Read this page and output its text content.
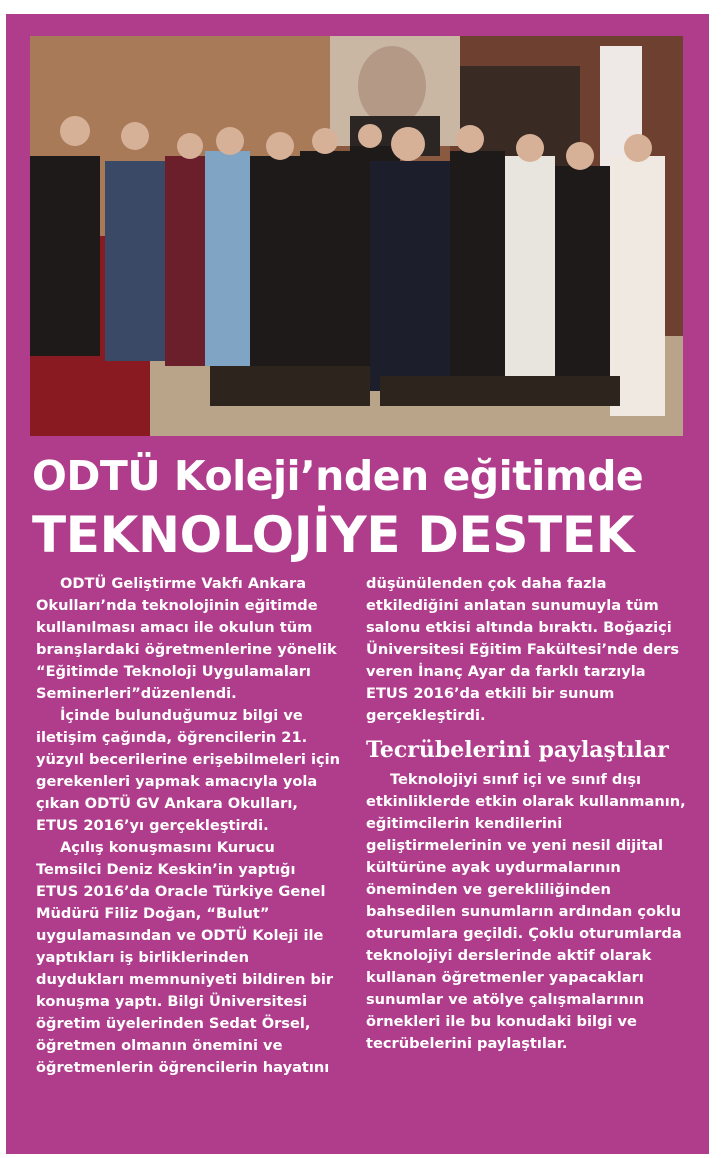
ODTÜ Koleji’nden eğitimde
TEKNOLOJİYE DESTEK

ODTÜ Geliştirme Vakfı Ankara Okulları’nda teknolojinin eğitimde kullanılması amacı ile okulun tüm branşlardaki öğretmenlerine yönelik “Eğitimde Teknoloji Uygulamaları Seminerleri”düzenlendi.

İçinde bulunduğumuz bilgi ve iletişim çağında, öğrencilerin 21. yüzyıl becerilerine erişebilmeleri için gerekenleri yapmak amacıyla yola çıkan ODTÜ GV Ankara Okulları, ETUS 2016’yı gerçekleştirdi.

Açılış konuşmasını Kurucu Temsilci Deniz Keskin’in yaptığı ETUS 2016’da Oracle Türkiye Genel Müdürü Filiz Doğan, “Bulut” uygulamasından ve ODTÜ Koleji ile yaptıkları iş birliklerinden duydukları memnuniyeti bildiren bir konuşma yaptı. Bilgi Üniversitesi öğretim üyelerinden Sedat Örsel, öğretmen olmanın önemini ve öğretmenlerin öğrencilerin hayatını

düşünülenden çok daha fazla etkilediğini anlatan sunumuyla tüm salonu etkisi altında bıraktı. Boğaziçi Üniversitesi Eğitim Fakültesi’nde ders veren İnanç Ayar da farklı tarzıyla ETUS 2016’da etkili bir sunum gerçekleştirdi.

Tecrübelerini paylaştılar

Teknolojiyi sınıf içi ve sınıf dışı etkinliklerde etkin olarak kullanmanın, eğitimcilerin kendilerini geliştirmelerinin ve yeni nesil dijital kültürüne ayak uydurmalarının öneminden ve gerekliliğinden bahsedilen sunumların ardından çoklu oturumlara geçildi. Çoklu oturumlarda teknolojiyi derslerinde aktif olarak kullanan öğretmenler yapacakları sunumlar ve atölye çalışmalarının örnekleri ile bu konudaki bilgi ve tecrübelerini paylaştılar.
